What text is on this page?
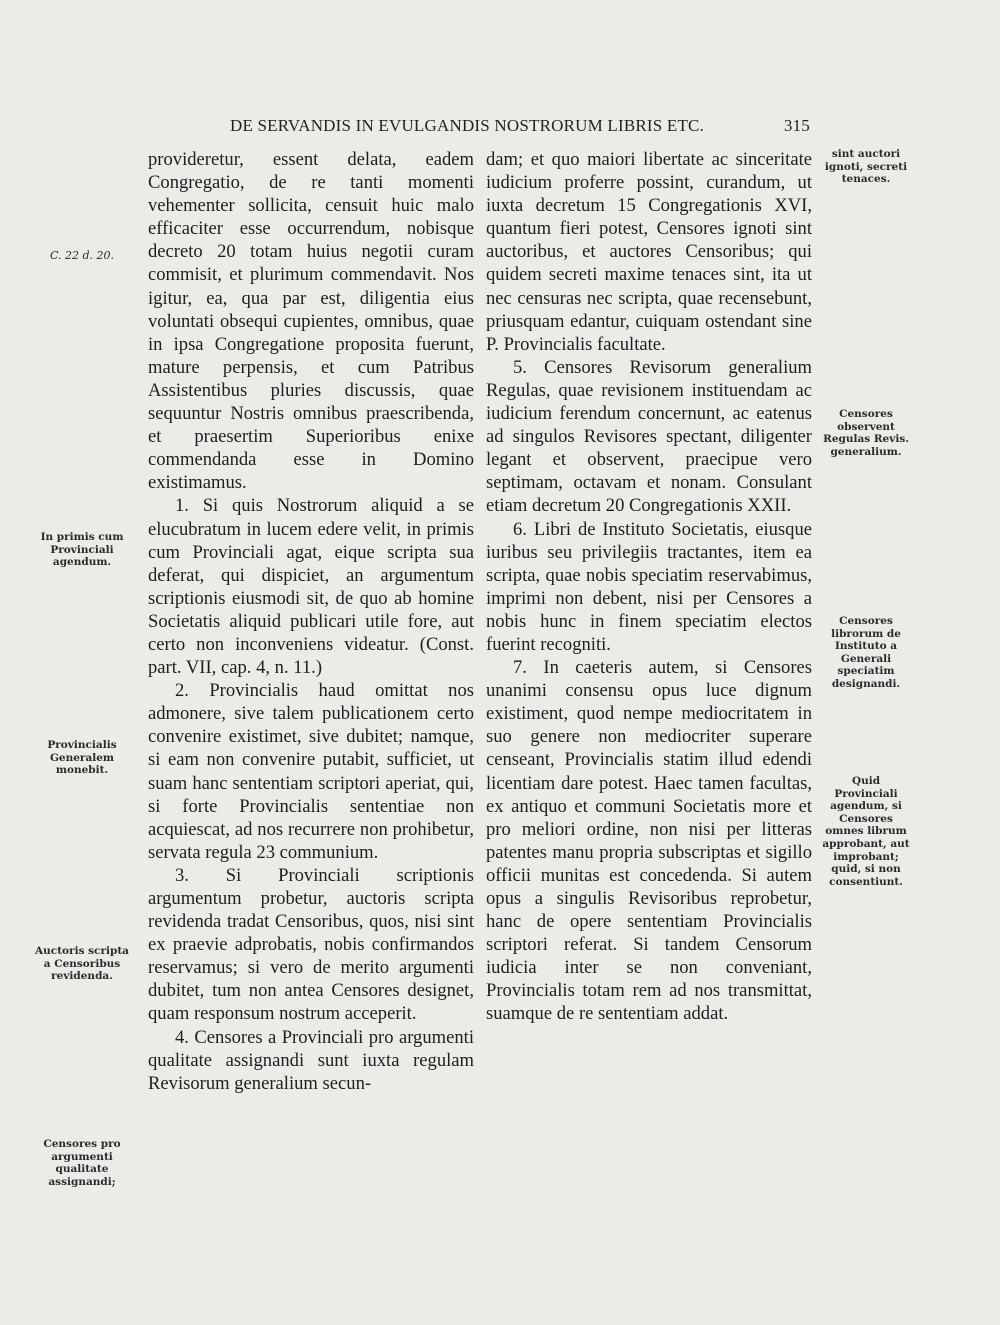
DE SERVANDIS IN EVULGANDIS NOSTRORUM LIBRIS ETC.	315
C. 22 d. 20.
In primis cum Provinciali agendum.
Provincialis Generalem monebit.
Auctoris scripta a Censoribus revidenda.
Censores pro argumenti qualitate assignandi;

provideretur, essent delata, eadem Congregatio, de re tanti momenti vehementer sollicita, censuit huic malo efficaciter esse occurrendum, nobisque decreto 20 totam huius negotii curam commisit, et plurimum commendavit. Nos igitur, ea, qua par est, diligentia eius voluntati obsequi cupientes, omnibus, quae in ipsa Congregatione proposita fuerunt, mature perpensis, et cum Patribus Assistentibus pluries discussis, quae sequuntur Nostris omnibus praescribenda, et praesertim Superioribus enixe commendanda esse in Domino existimamus.

1. Si quis Nostrorum aliquid a se elucubratum in lucem edere velit, in primis cum Provinciali agat, eique scripta sua deferat, qui dispiciet, an argumentum scriptionis eiusmodi sit, de quo ab homine Societatis aliquid publicari utile fore, aut certo non inconveniens videatur. (Const. part. VII, cap. 4, n. 11.)

2. Provincialis haud omittat nos admonere, sive talem publicationem certo convenire existimet, sive dubitet; namque, si eam non convenire putabit, sufficiet, ut suam hanc sententiam scriptori aperiat, qui, si forte Provincialis sententiae non acquiescat, ad nos recurrere non prohibetur, servata regula 23 communium.

3. Si Provinciali scriptionis argumentum probetur, auctoris scripta revidenda tradat Censoribus, quos, nisi sint ex praevie adprobatis, nobis confirmandos reservamus; si vero de merito argumenti dubitet, tum non antea Censores designet, quam responsum nostrum acceperit.

4. Censores a Provinciali pro argumenti qualitate assignandi sunt iuxta regulam Revisorum generalium secun-

dam; et quo maiori libertate ac sinceritate iudicium proferre possint, curandum, ut iuxta decretum 15 Congregationis XVI, quantum fieri potest, Censores ignoti sint auctoribus, et auctores Censoribus; qui quidem secreti maxime tenaces sint, ita ut nec censuras nec scripta, quae recensebunt, priusquam edantur, cuiquam ostendant sine P. Provincialis facultate.

5. Censores Revisorum generalium Regulas, quae revisionem instituendam ac iudicium ferendum concernunt, ac eatenus ad singulos Revisores spectant, diligenter legant et observent, praecipue vero septimam, octavam et nonam. Consulant etiam decretum 20 Congregationis XXII.

6. Libri de Instituto Societatis, eiusque iuribus seu privilegiis tractantes, item ea scripta, quae nobis speciatim reservabimus, imprimi non debent, nisi per Censores a nobis hunc in finem speciatim electos fuerint recogniti.

7. In caeteris autem, si Censores unanimi consensu opus luce dignum existiment, quod nempe mediocritatem in suo genere non mediocriter superare censeant, Provincialis statim illud edendi licentiam dare potest. Haec tamen facultas, ex antiquo et communi Societatis more et pro meliori ordine, non nisi per litteras patentes manu propria subscriptas et sigillo officii munitas est concedenda. Si autem opus a singulis Revisoribus reprobetur, hanc de opere sententiam Provincialis scriptori referat. Si tandem Censorum iudicia inter se non conveniant, Provincialis totam rem ad nos transmittat, suamque de re sententiam addat.

sint auctori ignoti, secreti tenaces.
Censores observent Regulas Revis. generalium.
Censores librorum de Instituto a Generali speciatim designandi.
Quid Provinciali agendum, si Censores omnes librum approbant, aut improbant; quid, si non consentiunt.
